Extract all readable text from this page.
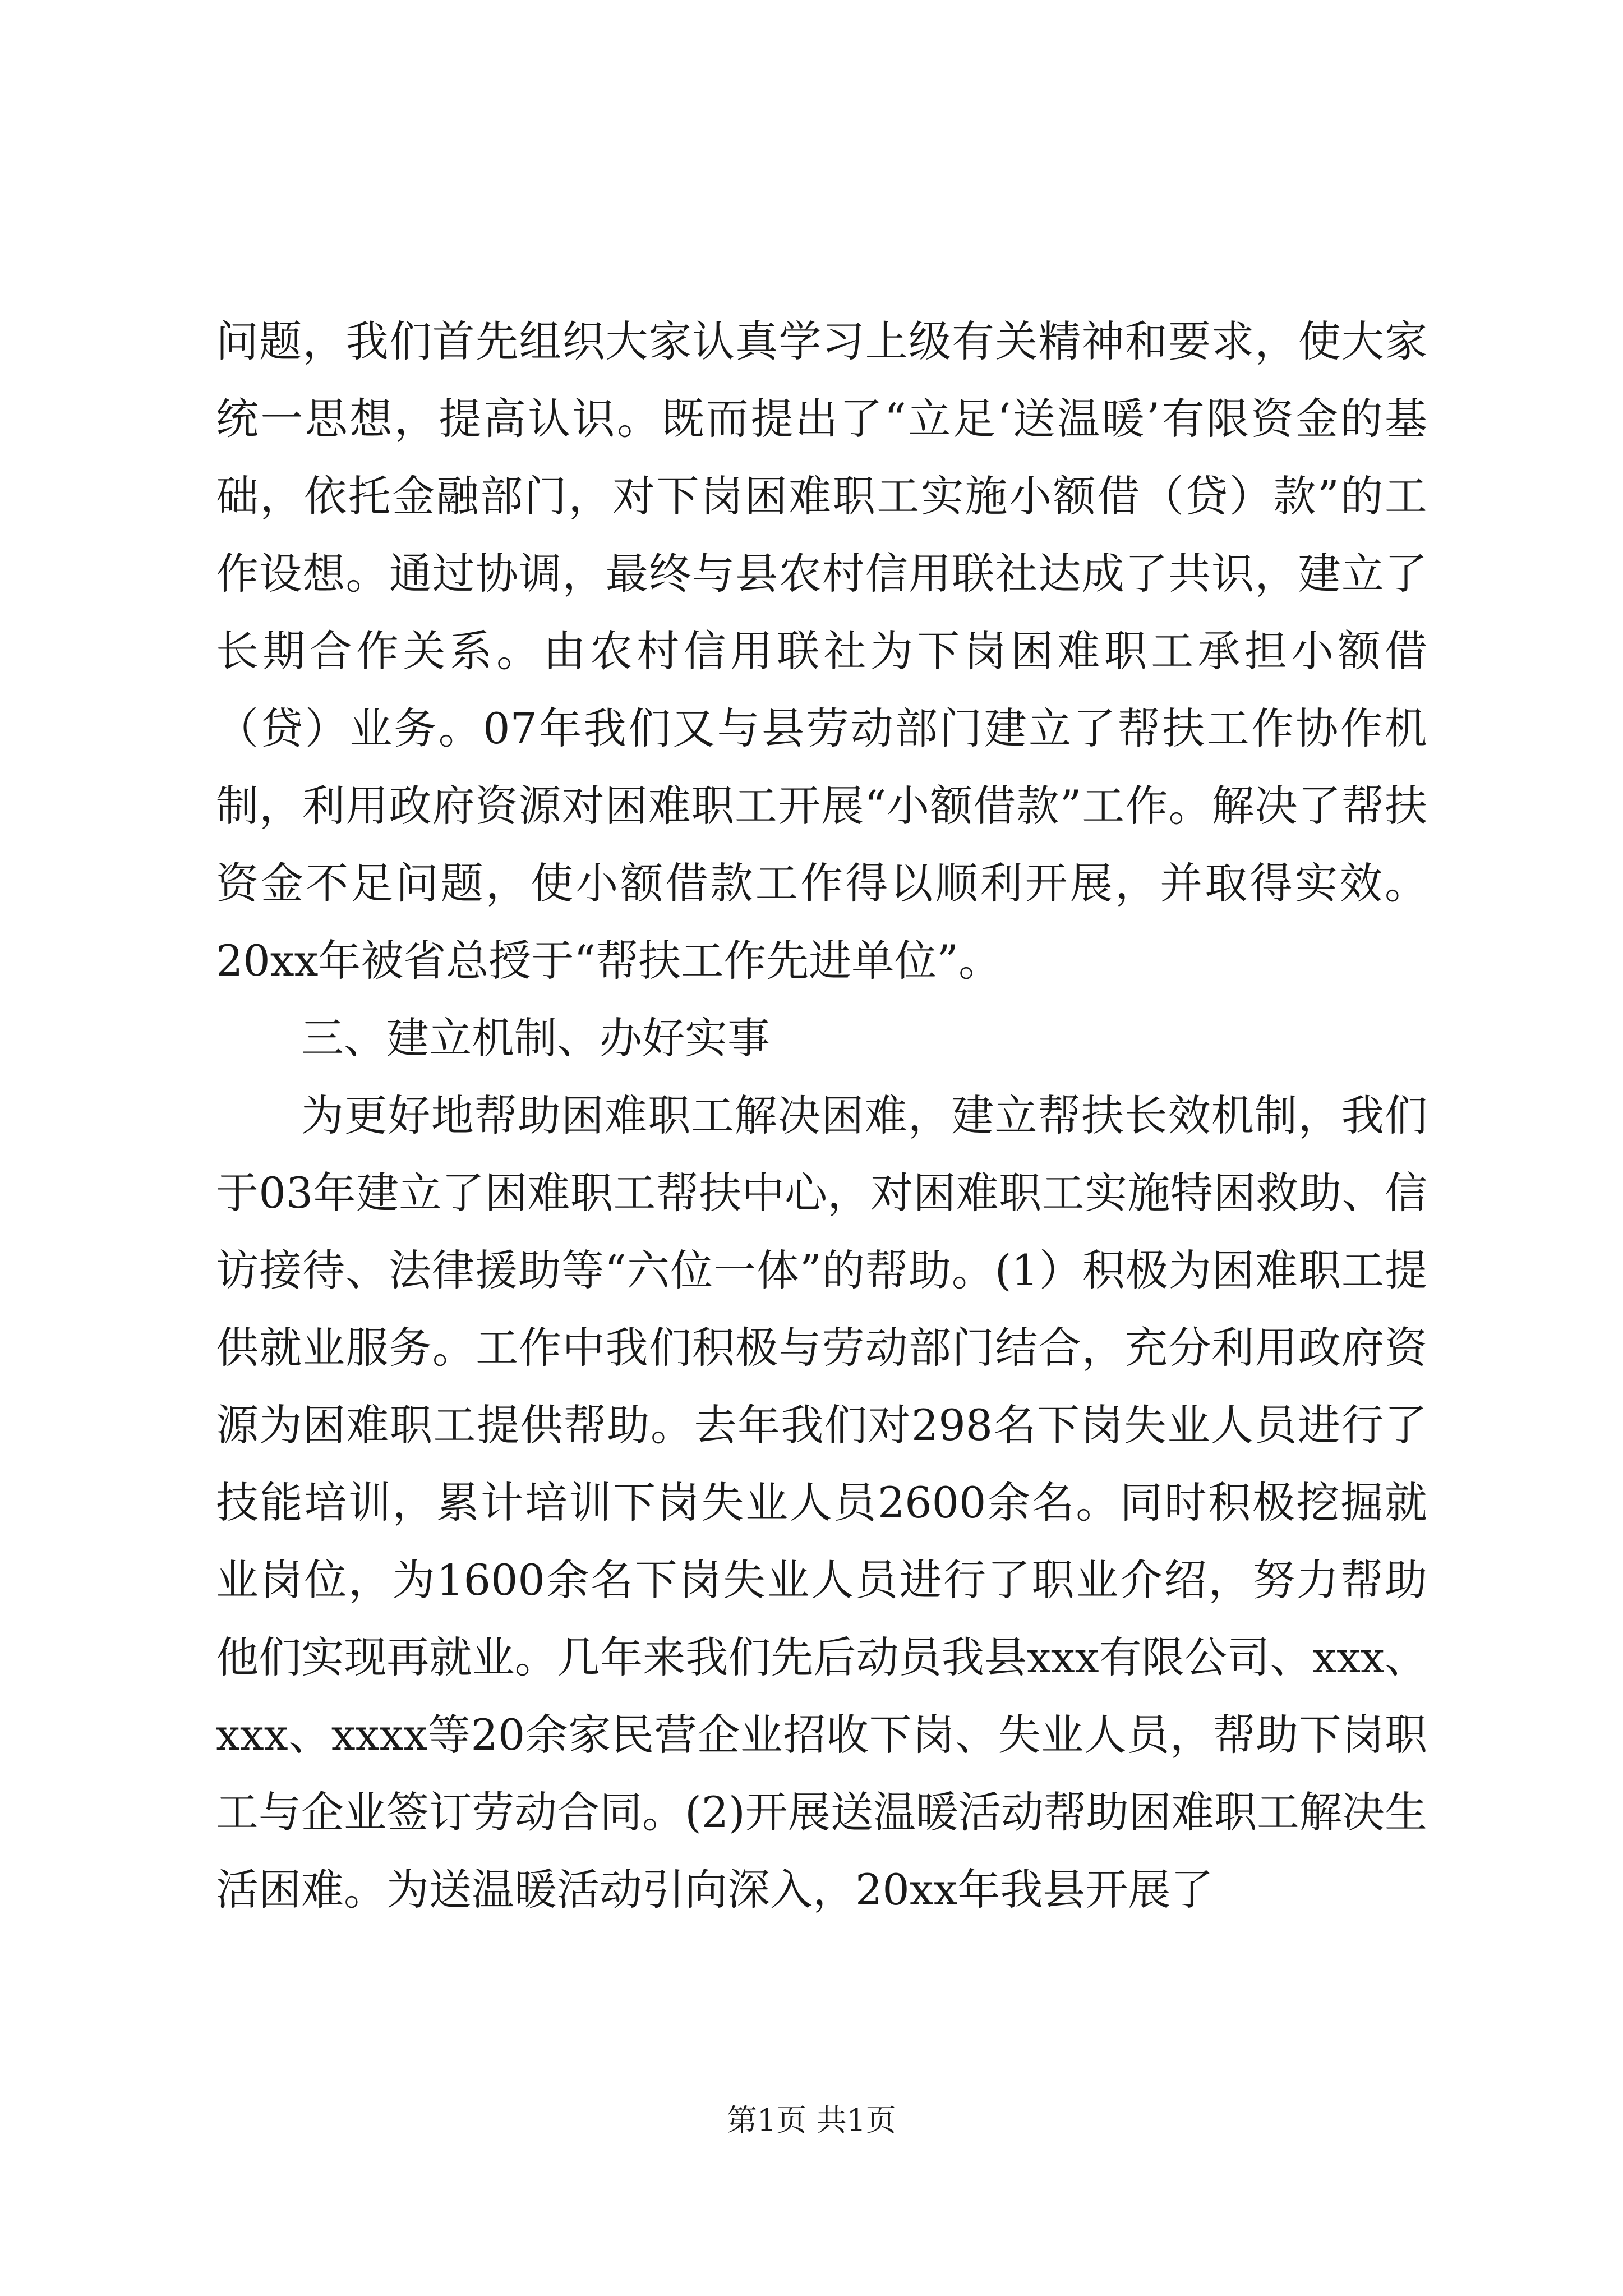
问题，我们首先组织大家认真学习上级有关精神和要求，使大家统一思想，提高认识。既而提出了“立足‘送温暖’有限资金的基础，依托金融部门，对下岗困难职工实施小额借（贷）款”的工作设想。通过协调，最终与县农村信用联社达成了共识，建立了长期合作关系。由农村信用联社为下岗困难职工承担小额借（贷）业务。07年我们又与县劳动部门建立了帮扶工作协作机制，利用政府资源对困难职工开展“小额借款”工作。解决了帮扶资金不足问题，使小额借款工作得以顺利开展，并取得实效。20xx年被省总授于“帮扶工作先进单位”。

三、建立机制、办好实事

为更好地帮助困难职工解决困难，建立帮扶长效机制，我们于03年建立了困难职工帮扶中心，对困难职工实施特困救助、信访接待、法律援助等“六位一体”的帮助。(1）积极为困难职工提供就业服务。工作中我们积极与劳动部门结合，充分利用政府资源为困难职工提供帮助。去年我们对298名下岗失业人员进行了技能培训，累计培训下岗失业人员2600余名。同时积极挖掘就业岗位，为1600余名下岗失业人员进行了职业介绍，努力帮助他们实现再就业。几年来我们先后动员我县xxx有限公司、xxx、xxx、xxxx等20余家民营企业招收下岗、失业人员，帮助下岗职工与企业签订劳动合同。(2)开展送温暖活动帮助困难职工解决生活困难。为送温暖活动引向深入，20xx年我县开展了

第1页 共1页
